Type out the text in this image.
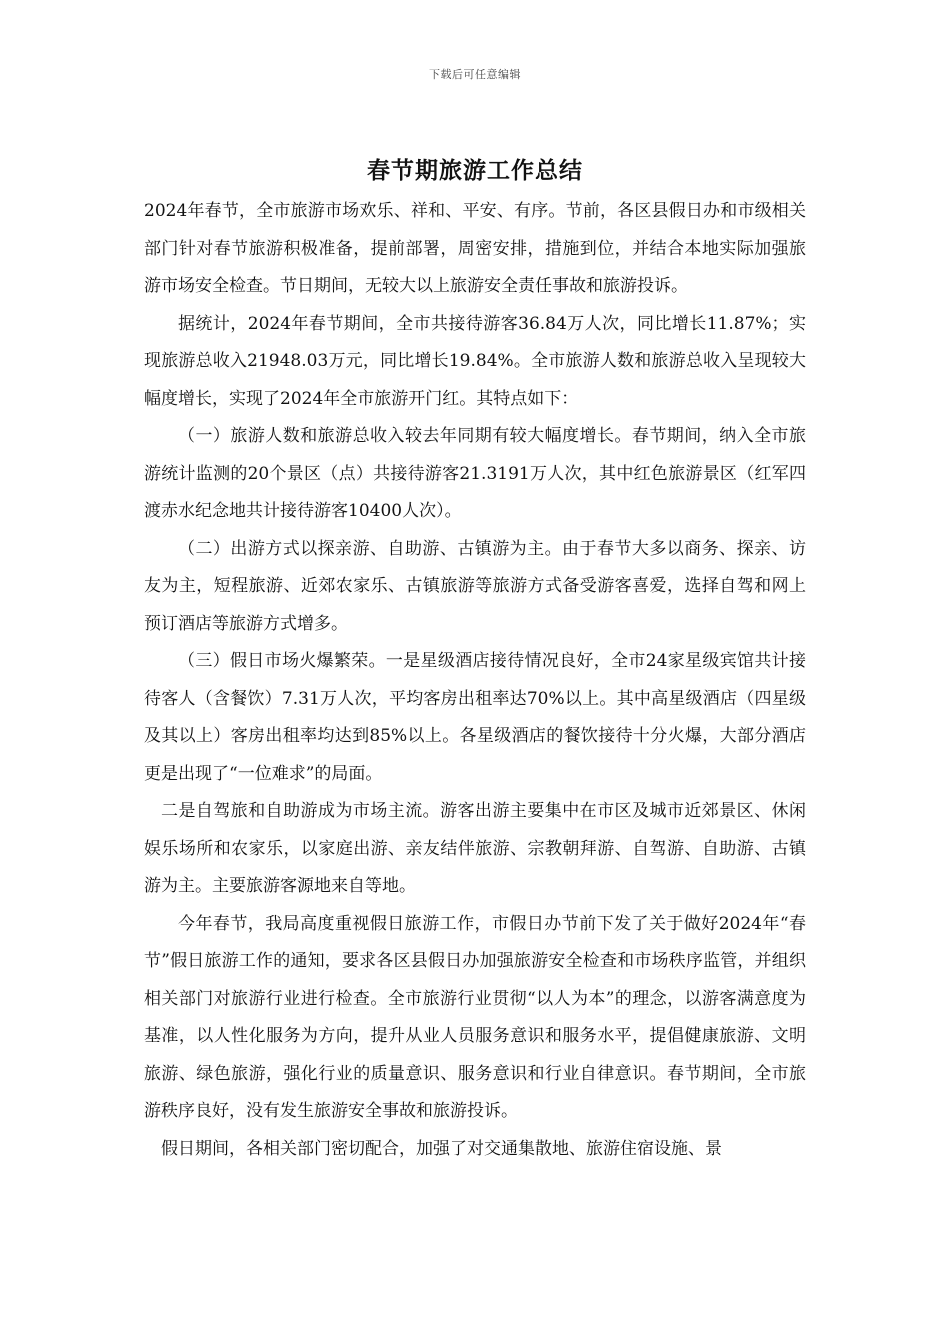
下载后可任意编辑
春节期旅游工作总结

2024年春节，全市旅游市场欢乐、祥和、平安、有序。节前，各区县假日办和市级相关部门针对春节旅游积极准备，提前部署，周密安排，措施到位，并结合本地实际加强旅游市场安全检查。节日期间，无较大以上旅游安全责任事故和旅游投诉。

据统计，2024年春节期间，全市共接待游客36.84万人次，同比增长11.87%；实现旅游总收入21948.03万元，同比增长19.84%。全市旅游人数和旅游总收入呈现较大幅度增长，实现了2024年全市旅游开门红。其特点如下：

（一）旅游人数和旅游总收入较去年同期有较大幅度增长。春节期间，纳入全市旅游统计监测的20个景区（点）共接待游客21.3191万人次，其中红色旅游景区（红军四渡赤水纪念地共计接待游客10400人次）。

（二）出游方式以探亲游、自助游、古镇游为主。由于春节大多以商务、探亲、访友为主，短程旅游、近郊农家乐、古镇旅游等旅游方式备受游客喜爱，选择自驾和网上预订酒店等旅游方式增多。

（三）假日市场火爆繁荣。一是星级酒店接待情况良好，全市24家星级宾馆共计接待客人（含餐饮）7.31万人次，平均客房出租率达70%以上。其中高星级酒店（四星级及其以上）客房出租率均达到85%以上。各星级酒店的餐饮接待十分火爆，大部分酒店更是出现了“一位难求”的局面。

二是自驾旅和自助游成为市场主流。游客出游主要集中在市区及城市近郊景区、休闲娱乐场所和农家乐，以家庭出游、亲友结伴旅游、宗教朝拜游、自驾游、自助游、古镇游为主。主要旅游客源地来自等地。

今年春节，我局高度重视假日旅游工作，市假日办节前下发了关于做好2024年“春节”假日旅游工作的通知，要求各区县假日办加强旅游安全检查和市场秩序监管，并组织相关部门对旅游行业进行检查。全市旅游行业贯彻“以人为本”的理念，以游客满意度为基准，以人性化服务为方向，提升从业人员服务意识和服务水平，提倡健康旅游、文明旅游、绿色旅游，强化行业的质量意识、服务意识和行业自律意识。春节期间，全市旅游秩序良好，没有发生旅游安全事故和旅游投诉。

假日期间，各相关部门密切配合，加强了对交通集散地、旅游住宿设施、景
